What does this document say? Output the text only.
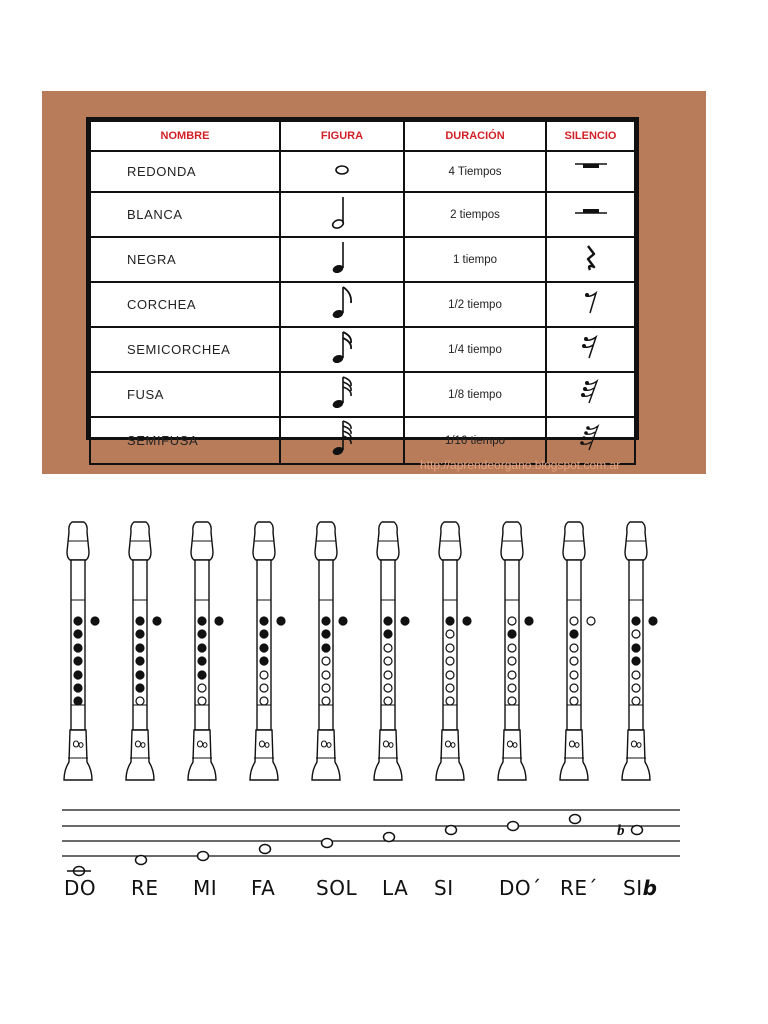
NOMBRE	FIGURA	DURACIÓN	SILENCIO
REDONDA		4 Tiempos	
BLANCA		2 tiempos	
NEGRA		1 tiempo	
CORCHEA		1/2 tiempo	
SEMICORCHEA		1/4 tiempo	
FUSA		1/8 tiempo	
SEMIFUSA		1/16 tiempo	
http://aprendeorgano.blogspot.com.ar
b
DO RE MI FA SOL LA SI DO´ RE´ SIb
